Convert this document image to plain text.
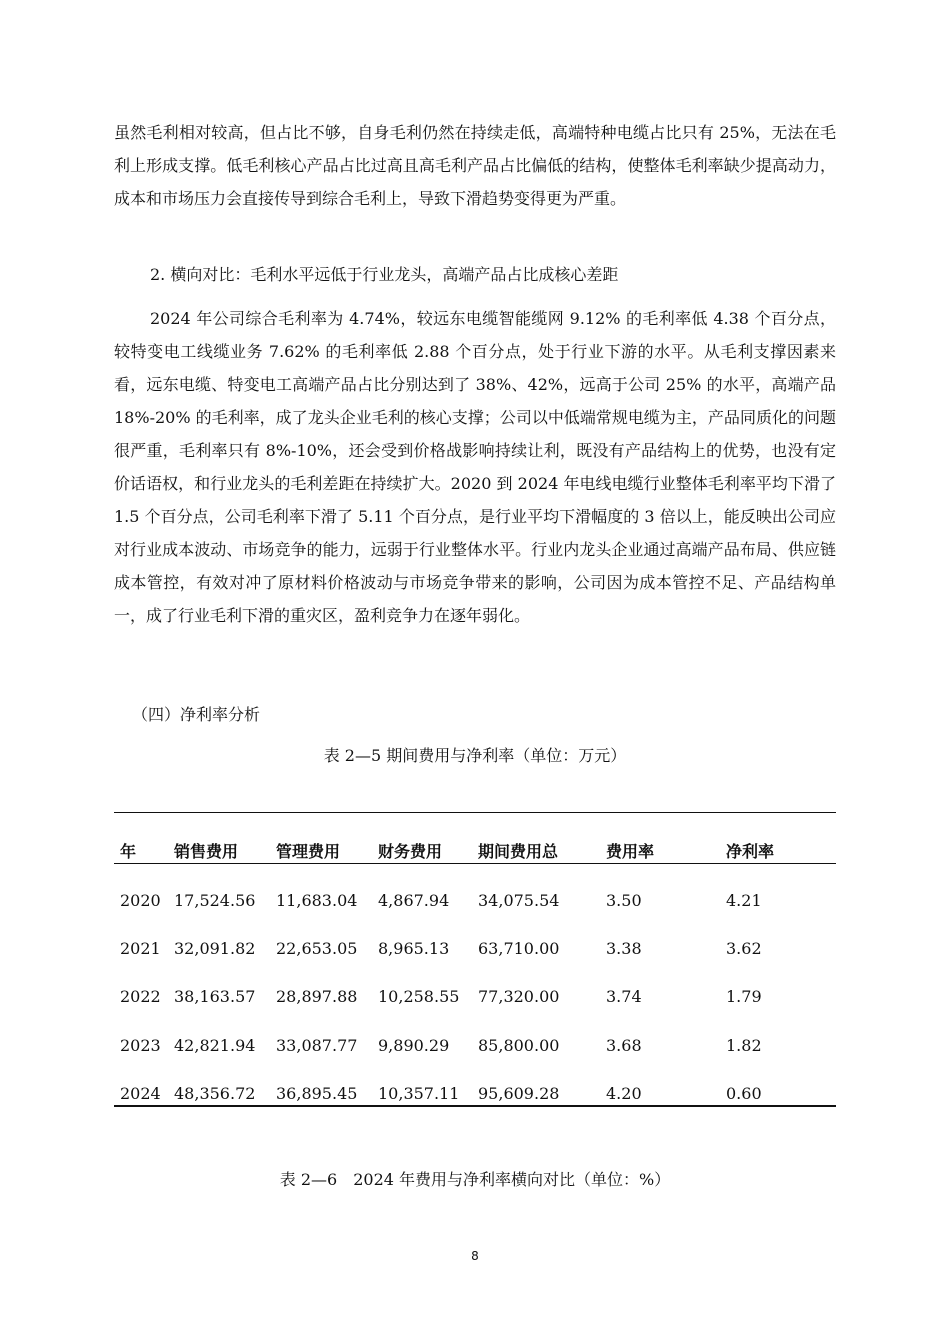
虽然毛利相对较高，但占比不够，自身毛利仍然在持续走低，高端特种电缆占比只有 25%，无法在毛利上形成支撑。低毛利核心产品占比过高且高毛利产品占比偏低的结构，使整体毛利率缺少提高动力，成本和市场压力会直接传导到综合毛利上，导致下滑趋势变得更为严重。

2. 横向对比：毛利水平远低于行业龙头，高端产品占比成核心差距

2024 年公司综合毛利率为 4.74%，较远东电缆智能缆网 9.12% 的毛利率低 4.38 个百分点，较特变电工线缆业务 7.62% 的毛利率低 2.88 个百分点，处于行业下游的水平。从毛利支撑因素来看，远东电缆、特变电工高端产品占比分别达到了 38%、42%，远高于公司 25% 的水平，高端产品 18%-20% 的毛利率，成了龙头企业毛利的核心支撑；公司以中低端常规电缆为主，产品同质化的问题很严重，毛利率只有 8%-10%，还会受到价格战影响持续让利，既没有产品结构上的优势，也没有定价话语权，和行业龙头的毛利差距在持续扩大。2020 到 2024 年电线电缆行业整体毛利率平均下滑了 1.5 个百分点，公司毛利率下滑了 5.11 个百分点，是行业平均下滑幅度的 3 倍以上，能反映出公司应对行业成本波动、市场竞争的能力，远弱于行业整体水平。行业内龙头企业通过高端产品布局、供应链成本管控，有效对冲了原材料价格波动与市场竞争带来的影响，公司因为成本管控不足、产品结构单一，成了行业毛利下滑的重灾区，盈利竞争力在逐年弱化。

（四）净利率分析

表 2—5 期间费用与净利率（单位：万元）

年 销售费用 管理费用 财务费用 期间费用总	费用率	净利率
2020 17,524.56 11,683.04 4,867.94 34,075.54	3.50	4.21
2021 32,091.82 22,653.05 8,965.13 63,710.00	3.38	3.62
2022 38,163.57 28,897.88 10,258.55 77,320.00	3.74	1.79
2023 42,821.94 33,087.77 9,890.29 85,800.00	3.68	1.82
2024 48,356.72 36,895.45 10,357.11 95,609.28	4.20	0.60

表 2—6　2024 年费用与净利率横向对比（单位：%）

8
